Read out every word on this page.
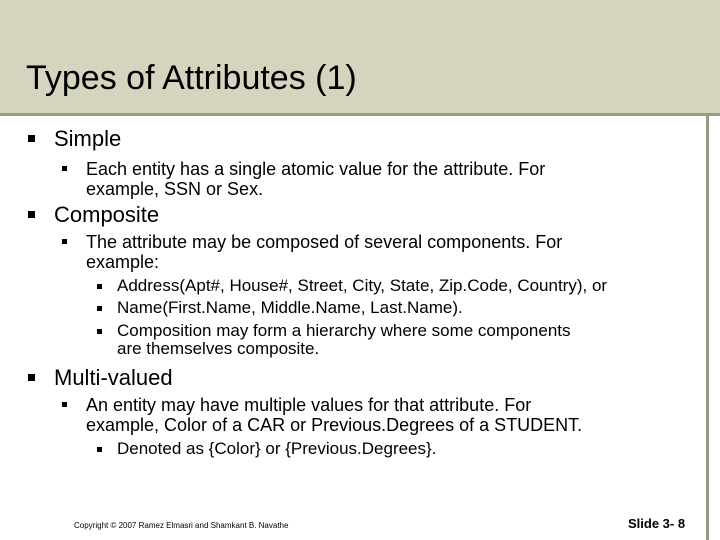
Types of Attributes (1)
Simple
Each entity has a single atomic value for the attribute. For
example, SSN or Sex.
Composite
The attribute may be composed of several components. For
example:
Address(Apt#, House#, Street, City, State, Zip.Code, Country), or
Name(First.Name, Middle.Name, Last.Name).
Composition may form a hierarchy where some components
are themselves composite.
Multi-valued
An entity may have multiple values for that attribute. For
example, Color of a CAR or Previous.Degrees of a STUDENT.
Denoted as {Color} or {Previous.Degrees}.
Copyright © 2007 Ramez Elmasri and Shamkant B. Navathe	Slide 3- 8
